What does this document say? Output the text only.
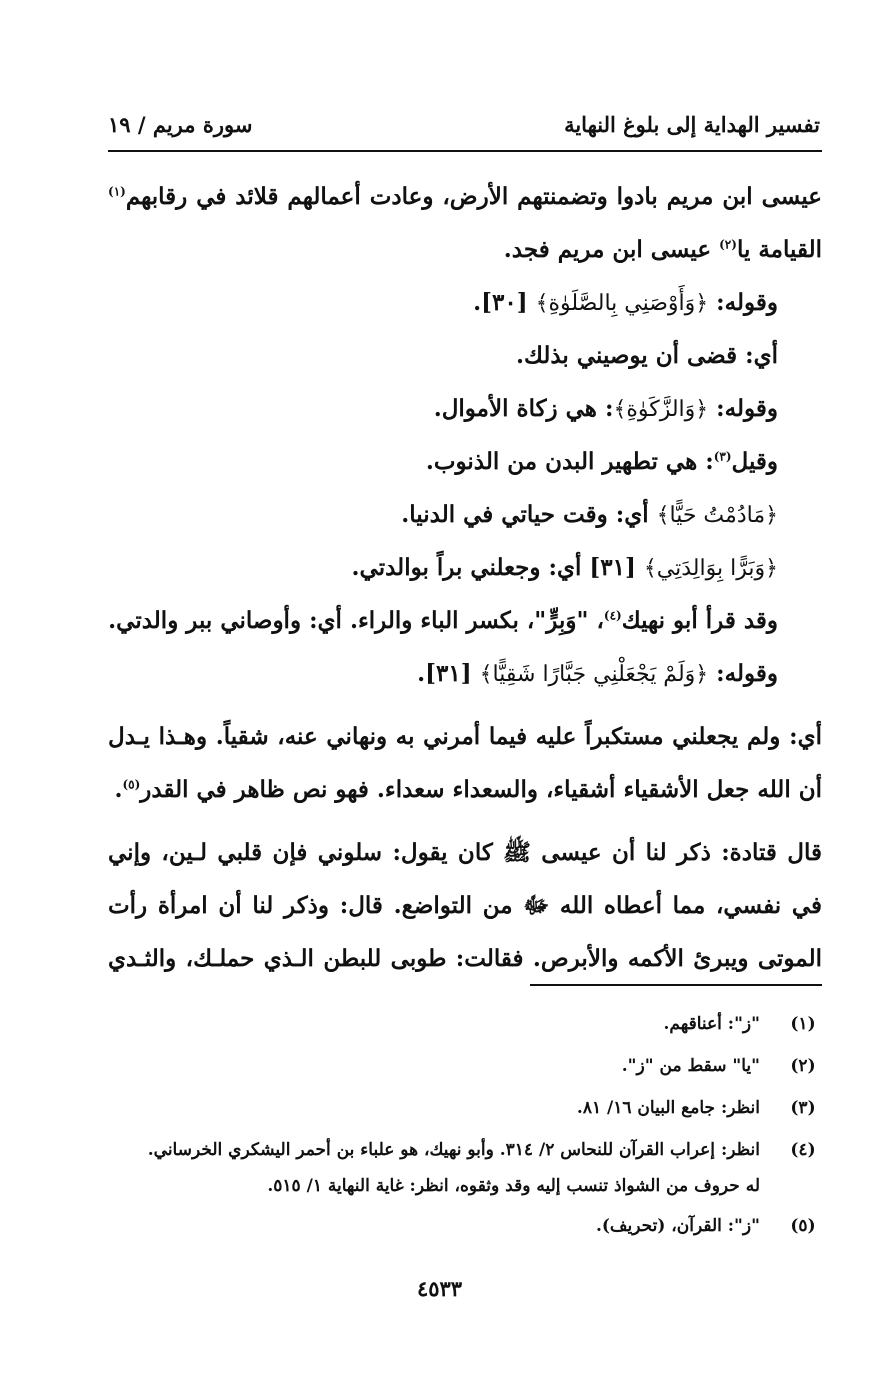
تفسير الهداية إلى بلوغ النهاية
سورة مريم / ١٩
عيسى ابن مريم بادوا وتضمنتهم الأرض، وعادت أعمالهم قلائد في رقابهم$^{(١)}$
القيامة يا$^{(٢)}$ عيسى ابن مريم فجد.
وقوله: ﴿وَأَوْصَنِي بِالصَّلَوٰةِ﴾ [٣٠].
أي: قضى أن يوصيني بذلك.
وقوله: ﴿وَالزَّكَوٰةِ﴾: هي زكاة الأموال.
وقيل$^{(٣)}$: هي تطهير البدن من الذنوب.
﴿مَادُمْتُ حَيًّا﴾ أي: وقت حياتي في الدنيا.
﴿وَبَرًّا بِوَالِدَتِي﴾ [٣١] أي: وجعلني براً بوالدتي.
وقد قرأ أبو نهيك$^{(٤)}$، "وَبِرٍّ"، بكسر الباء والراء. أي: وأوصاني ببر والدتي.
وقوله: ﴿وَلَمْ يَجْعَلْنِي جَبَّارًا شَقِيًّا﴾ [٣١].
أي: ولم يجعلني مستكبراً عليه فيما أمرني به ونهاني عنه، شقياً. وهـذا يـدل
أن الله جعل الأشقياء أشقياء، والسعداء سعداء. فهو نص ظاهر في القدر$^{(٥)}$.
قال قتادة: ذكر لنا أن عيسى ﷺ كان يقول: سلوني فإن قلبي لـين، وإني
في نفسي، مما أعطاه الله ﷻ من التواضع. قال: وذكر لنا أن امرأة رأت
الموتى ويبرئ الأكمه والأبرص. فقالت: طوبى للبطن الـذي حملـك، والثـدي
(١)
"ز": أعناقهم.
(٢)
"يا" سقط من "ز".
(٣)
انظر: جامع البيان ١٦/ ٨١.
(٤)
انظر: إعراب القرآن للنحاس ٢/ ٣١٤. وأبو نهيك، هو علباء بن أحمر اليشكري الخرساني.
له حروف من الشواذ تنسب إليه وقد وثقوه، انظر: غاية النهاية ١/ ٥١٥.
(٥)
"ز": القرآن، (تحريف).
٤٥٣٣
